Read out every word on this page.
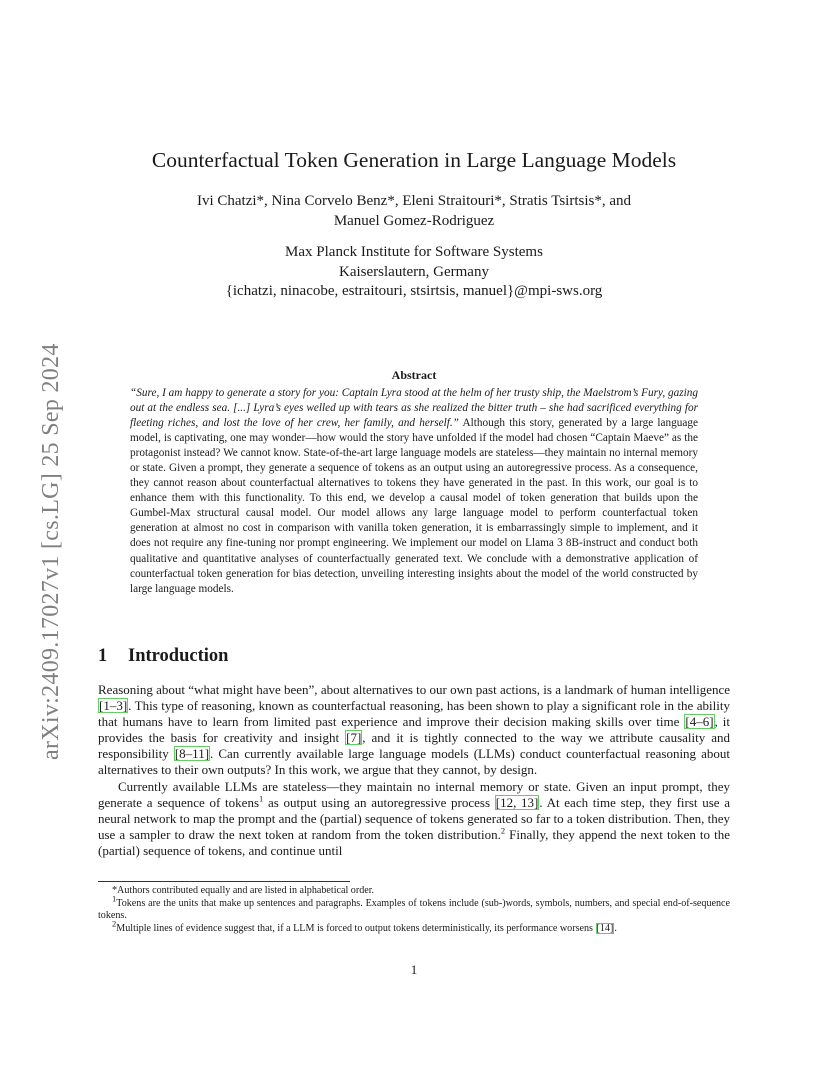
arXiv:2409.17027v1 [cs.LG] 25 Sep 2024
Counterfactual Token Generation in Large Language Models
Ivi Chatzi*, Nina Corvelo Benz*, Eleni Straitouri*, Stratis Tsirtsis*, and
Manuel Gomez-Rodriguez
Max Planck Institute for Software Systems
Kaiserslautern, Germany
{ichatzi, ninacobe, estraitouri, stsirtsis, manuel}@mpi-sws.org
Abstract
“Sure, I am happy to generate a story for you: Captain Lyra stood at the helm of her trusty ship, the Maelstrom’s Fury, gazing out at the endless sea. [...] Lyra’s eyes welled up with tears as she realized the bitter truth – she had sacrificed everything for fleeting riches, and lost the love of her crew, her family, and herself.” Although this story, generated by a large language model, is captivating, one may wonder—how would the story have unfolded if the model had chosen “Captain Maeve” as the protagonist instead? We cannot know. State-of-the-art large language models are stateless—they maintain no internal memory or state. Given a prompt, they generate a sequence of tokens as an output using an autoregressive process. As a consequence, they cannot reason about counterfactual alternatives to tokens they have generated in the past. In this work, our goal is to enhance them with this functionality. To this end, we develop a causal model of token generation that builds upon the Gumbel-Max structural causal model. Our model allows any large language model to perform counterfactual token generation at almost no cost in comparison with vanilla token generation, it is embarrassingly simple to implement, and it does not require any fine-tuning nor prompt engineering. We implement our model on Llama 3 8B-instruct and conduct both qualitative and quantitative analyses of counterfactually generated text. We conclude with a demonstrative application of counterfactual token generation for bias detection, unveiling interesting insights about the model of the world constructed by large language models.
1 Introduction

Reasoning about “what might have been”, about alternatives to our own past actions, is a landmark of human intelligence [1–3]. This type of reasoning, known as counterfactual reasoning, has been shown to play a significant role in the ability that humans have to learn from limited past experience and improve their decision making skills over time [4–6], it provides the basis for creativity and insight [7], and it is tightly connected to the way we attribute causality and responsibility [8–11]. Can currently available large language models (LLMs) conduct counterfactual reasoning about alternatives to their own outputs? In this work, we argue that they cannot, by design.

Currently available LLMs are stateless—they maintain no internal memory or state. Given an input prompt, they generate a sequence of tokens$^1$ as output using an autoregressive process [12, 13]. At each time step, they first use a neural network to map the prompt and the (partial) sequence of tokens generated so far to a token distribution. Then, they use a sampler to draw the next token at random from the token distribution.$^2$ Finally, they append the next token to the (partial) sequence of tokens, and continue until

*Authors contributed equally and are listed in alphabetical order.

$^1$Tokens are the units that make up sentences and paragraphs. Examples of tokens include (sub-)words, symbols, numbers, and special end-of-sequence tokens.

$^2$Multiple lines of evidence suggest that, if a LLM is forced to output tokens deterministically, its performance worsens [14].

1
